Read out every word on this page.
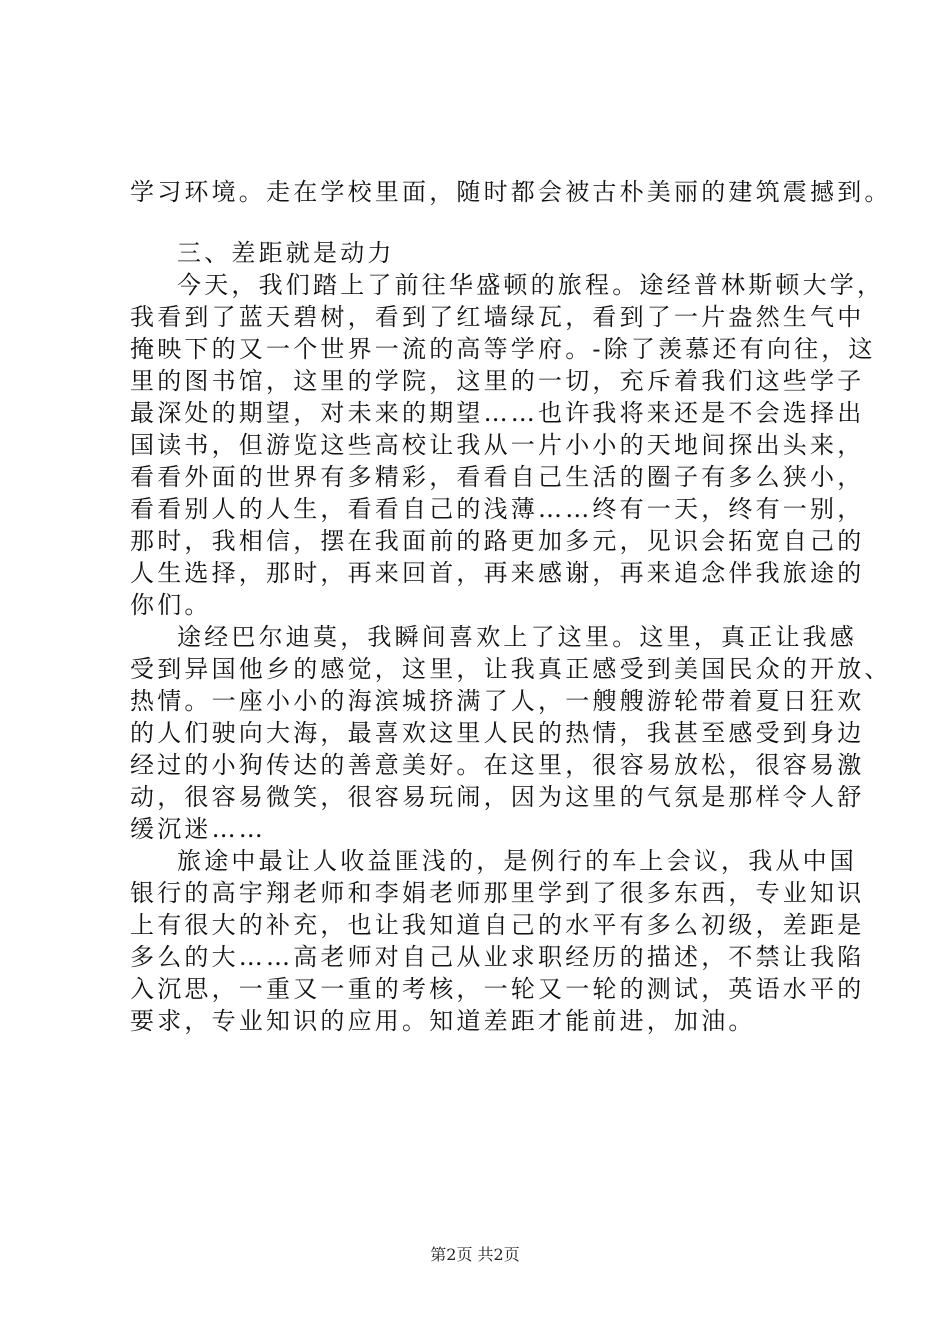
学习环境。走在学校里面，随时都会被古朴美丽的建筑震撼到。
三、差距就是动力
今天，我们踏上了前往华盛顿的旅程。途经普林斯顿大学，
我看到了蓝天碧树，看到了红墙绿瓦，看到了一片盎然生气中
掩映下的又一个世界一流的高等学府。-除了羡慕还有向往，这
里的图书馆，这里的学院，这里的一切，充斥着我们这些学子
最深处的期望，对未来的期望……也许我将来还是不会选择出
国读书，但游览这些高校让我从一片小小的天地间探出头来，
看看外面的世界有多精彩，看看自己生活的圈子有多么狭小，
看看别人的人生，看看自己的浅薄……终有一天，终有一别，
那时，我相信，摆在我面前的路更加多元，见识会拓宽自己的
人生选择，那时，再来回首，再来感谢，再来追念伴我旅途的
你们。
途经巴尔迪莫，我瞬间喜欢上了这里。这里，真正让我感
受到异国他乡的感觉，这里，让我真正感受到美国民众的开放、
热情。一座小小的海滨城挤满了人，一艘艘游轮带着夏日狂欢
的人们驶向大海，最喜欢这里人民的热情，我甚至感受到身边
经过的小狗传达的善意美好。在这里，很容易放松，很容易激
动，很容易微笑，很容易玩闹，因为这里的气氛是那样令人舒
缓沉迷……
旅途中最让人收益匪浅的，是例行的车上会议，我从中国
银行的高宇翔老师和李娟老师那里学到了很多东西，专业知识
上有很大的补充，也让我知道自己的水平有多么初级，差距是
多么的大……高老师对自己从业求职经历的描述，不禁让我陷
入沉思，一重又一重的考核，一轮又一轮的测试，英语水平的
要求，专业知识的应用。知道差距才能前进，加油。
第2页 共2页
